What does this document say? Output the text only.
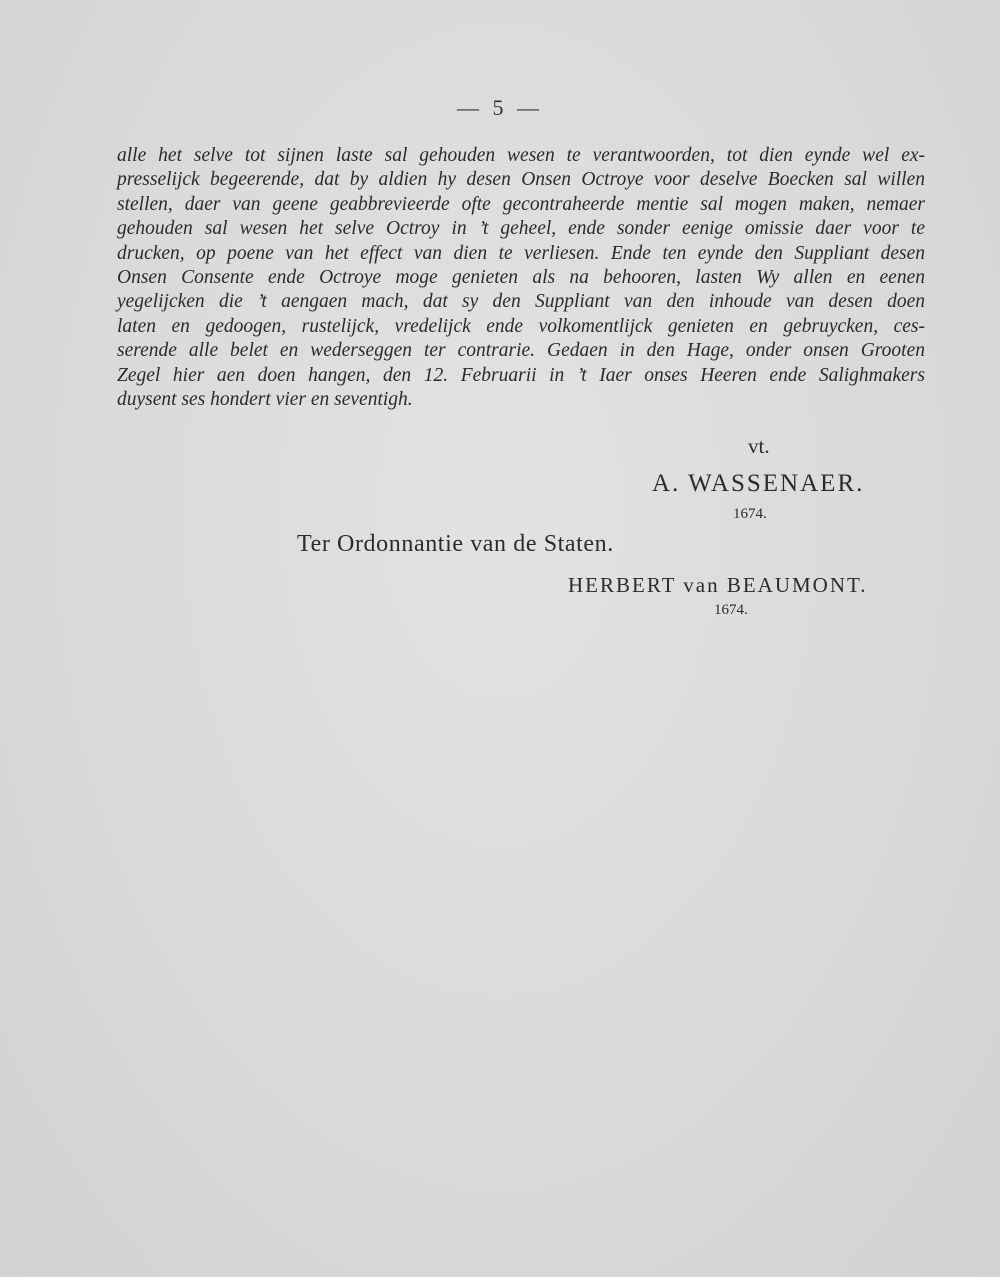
— 5 —
alle het selve tot sijnen laste sal gehouden wesen te verantwoorden, tot dien eynde wel ex-
presselijck begeerende, dat by aldien hy desen Onsen Octroye voor deselve Boecken sal willen
stellen, daer van geene geabbrevieerde ofte gecontraheerde mentie sal mogen maken, nemaer
gehouden sal wesen het selve Octroy in ’t geheel, ende sonder eenige omissie daer voor te
drucken, op poene van het effect van dien te verliesen. Ende ten eynde den Suppliant desen
Onsen Consente ende Octroye moge genieten als na behooren, lasten Wy allen en eenen
yegelijcken die ’t aengaen mach, dat sy den Suppliant van den inhoude van desen doen
laten en gedoogen, rustelijck, vredelijck ende volkomentlijck genieten en gebruycken, ces-
serende alle belet en wederseggen ter contrarie. Gedaen in den Hage, onder onsen Grooten
Zegel hier aen doen hangen, den 12. Februarii in ’t Iaer onses Heeren ende Salighmakers
duysent ses hondert vier en seventigh.
vt.
A. WASSENAER.
1674.
Ter Ordonnantie van de Staten.
HERBERT van BEAUMONT.
1674.
